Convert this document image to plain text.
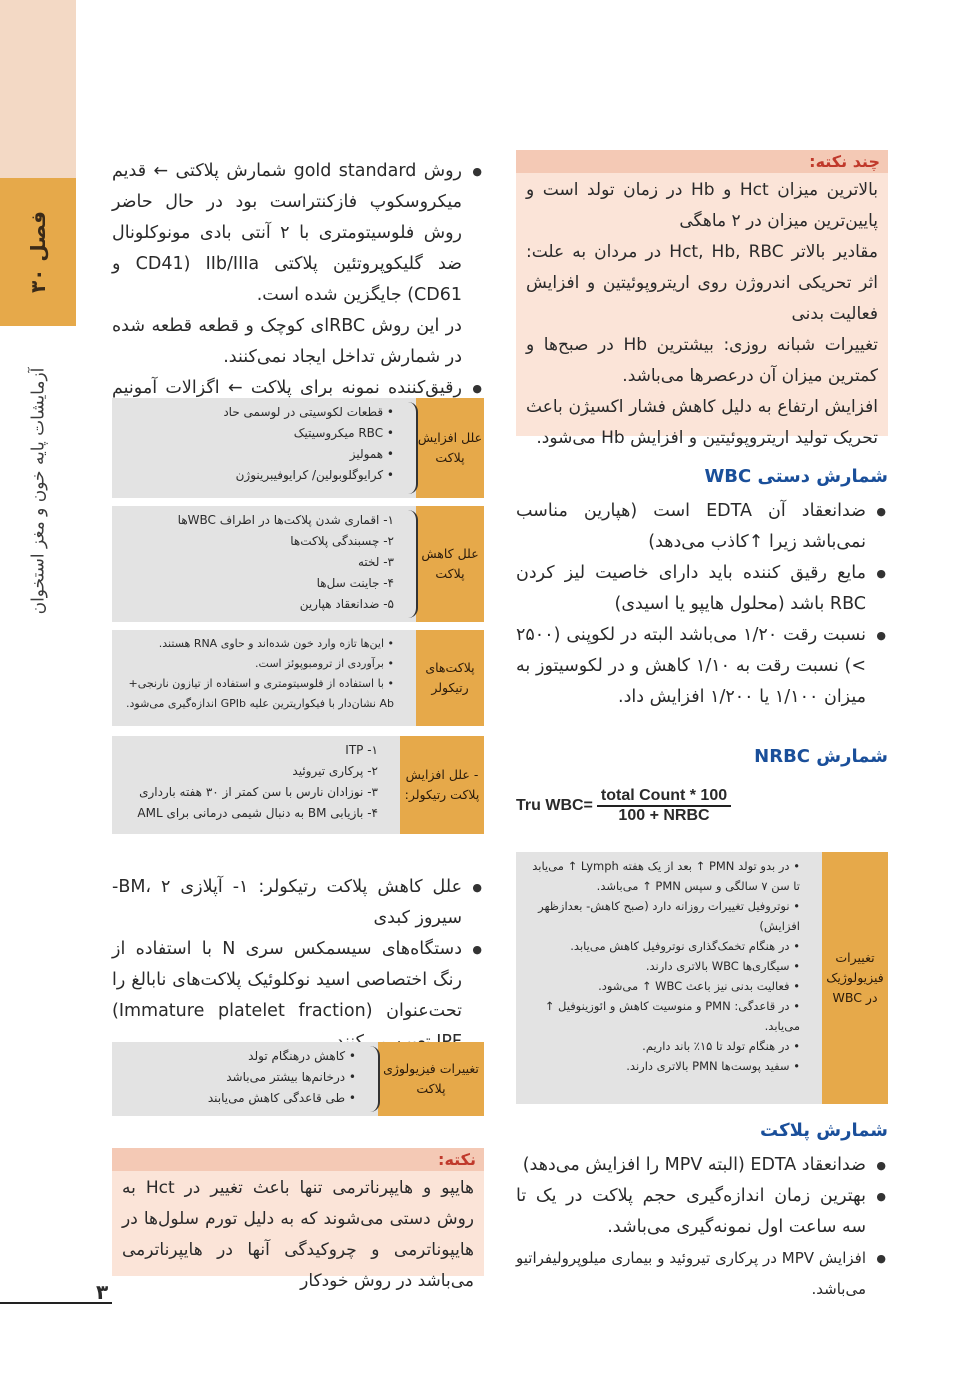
فصل ۳۰
آزمایشات پایه خون و مغز استخوان
چند نکته:
بالاترین میزان Hct و Hb در زمان تولد است و پایین‌ترین میزان در ۲ ماهگی
مقادیر بالاتر Hct, Hb, RBC در مردان به علت: اثر تحریکی اندروژن روی اریتروپوئیتین و افزایش فعالیت بدنی
تغییرات شبانه روزی: بیشترین Hb در صبح‌ها و کمترین میزان آن درعصرها می‌باشد.
افزایش ارتفاع به دلیل کاهش فشار اکسیژن باعث تحریک تولید اریتروپوئیتین و افزایش Hb می‌شود.
شمارش دستی WBC
● ضدانعقاد آن EDTA است (هپارین مناسب نمی‌باشد زیرا ↑کاذب می‌دهد)
● مایع رقیق کننده باید دارای خاصیت لیز کردن RBC باشد (محلول هایپو یا اسیدی)
● نسبت رقت ۱/۲۰ می‌باشد البته در لکوپنی (۲۵۰۰ >) نسبت رقت به ۱/۱۰ کاهش و در لکوسیتوز به میزان ۱/۱۰۰ یا ۱/۲۰۰ افزایش داد.
شمارش NRBC
Tru WBC=
total Count * 100
100 + NRBC
تغییرات فیزیولوژیک در WBC
• در بدو تولد PMN ↑ بعد از یک هفته Lymph ↑ می‌یابد تا سن ۷ سالگی و سپس PMN ↑ می‌باشد.
• نوتروفیل تغییرات روزانه دارد (صبح کاهش- بعدازظهر افزایش)
• در هنگام تخمک‌گذاری نوتروفیل کاهش می‌یابد.
• سیگاری‌ها WBC بالاتری دارند.
• فعالیت بدنی نیز باعث WBC ↑ می‌شود.
• در قاعدگی: PMN و منوسیت کاهش و ائوزینوفیل ↑ می‌یابد.
• در هنگام تولد تا ۱۵٪ باند داریم.
• سفید پوست‌ها PMN بالاتری دارند.
شمارش پلاکت
● ضدانعقاد EDTA (البته MPV را افزایش می‌دهد)
● بهترین زمان اندازه‌گیری حجم پلاکت در یک تا سه ساعت اول نمونه‌گیری می‌باشد.
● افزایش MPV در پرکاری تیروئید و بیماری میلوپرولیفراتیو می‌باشد.
● روش gold standard شمارش پلاکتی ← قدیم میکروسکوپ فازکنتراست بود در حال حاضر روش فلوسیتومتری با ۲ آنتی بادی مونوکلونال ضد گلیکوپروتئین پلاکتی IIb/IIIa (CD41 و CD61) جایگزین شده است.
در این روش RBCای کوچک و قطعه قطعه شده در شمارش تداخل ایجاد نمی‌کنند.
● رقیق‌کننده نمونه برای پلاکت ← اگزالات آمونیم
علل افزایش پلاکت
• قطعات لکوسیتی در لوسمی حاد
• RBC میکروسیتیک
• همولیز
• کرایوگلوبولین/ کرایوفیبرینوژن
علل کاهش پلاکت
۱- اقماری شدن پلاکت‌ها در اطراف WBCها
۲- چسبندگی پلاکت‌ها
۳- لخته
۴- جاینت سل‌ها
۵- ضدانعقاد هپارین
پلاکت‌های رتیکولر
• این‌ها تازه وارد خون شده‌اند و حاوی RNA هستند.
• برآوردی از ترومبوپوئز است.
• با استفاده از فلوسیتومتری و استفاده از تیازون نارنجی+ Ab نشان‌دار با فیکواریترین علیه GPIb اندازه‌گیری می‌شود.
- علل افزایش پلاکت رتیکولر:
۱- ITP
۲- پرکاری تیروئید
۳- نوزادان نارس با سن کمتر از ۳۰ هفته بارداری
۴- بازیابی BM به دنبال شیمی درمانی برای AML
● علل کاهش پلاکت رتیکولر: ۱- آپلازی BM، ۲- سیروز کبدی
● دستگاه‌های سیسمکس سری N با استفاده از رنگ اختصاصی اسید نوکلوئیک پلاکت‌های نابالغ را تحت‌عنوان (Immature platelet fraction)
تغییرات فیزیولوژی پلاکت
• کاهش درهنگام تولد
• درخانم‌ها بیشتر می‌باشد
• طی قاعدگی کاهش می‌یابند
نکته:
هایپو و هایپرناترمی تنها باعث تغییر در Hct به روش دستی می‌شوند که به دلیل تورم سلول‌ها در هایپوناترمی و چروکیدگی آنها در هایپرناترمی می‌باشد در روش خودکار
۳
